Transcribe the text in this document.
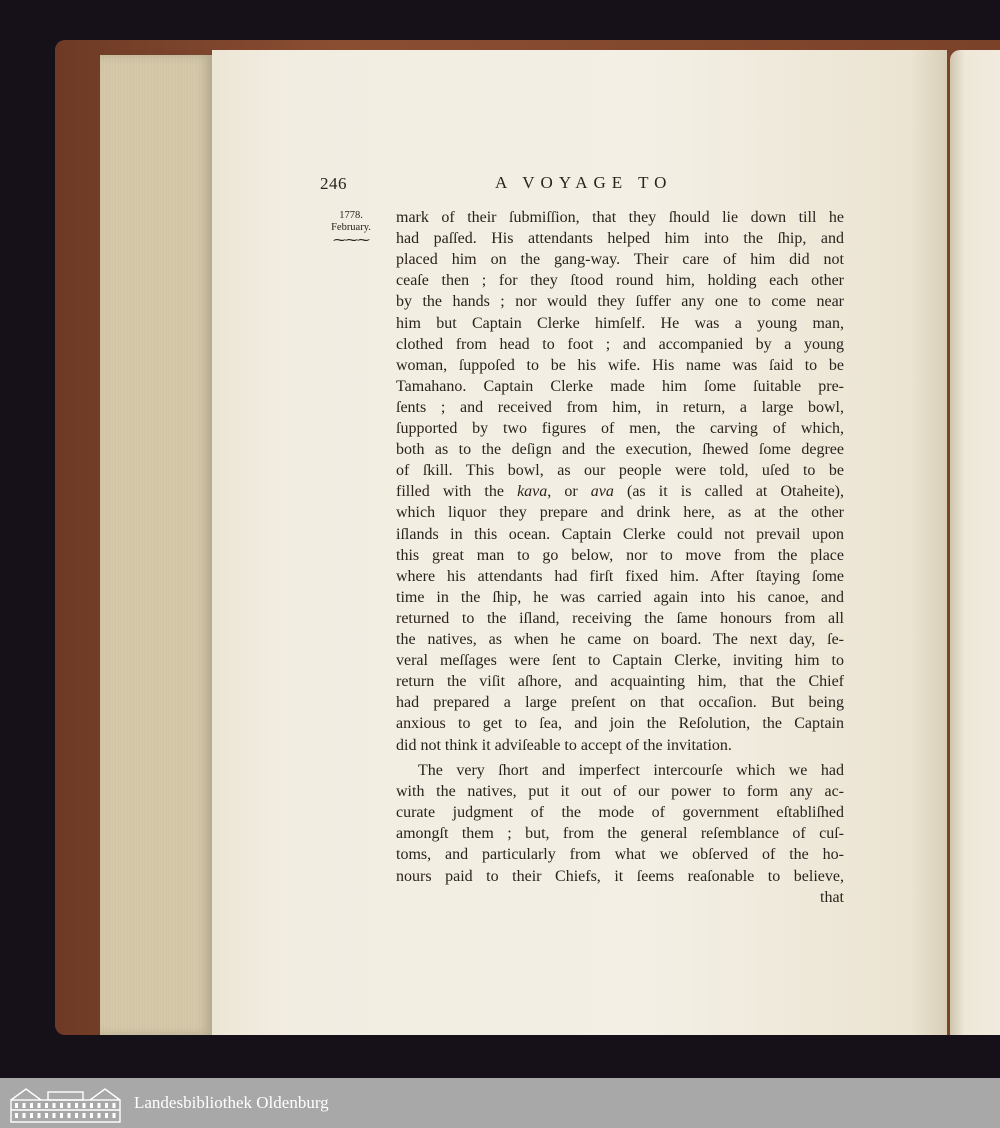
246	A VOYAGE TO
1778.
February.
⁓⁓⁓
mark of their ſubmiſſion, that they ſhould lie down till he
had paſſed. His attendants helped him into the ſhip, and
placed him on the gang-way. Their care of him did not
ceaſe then ; for they ſtood round him, holding each other
by the hands ; nor would they ſuffer any one to come near
him but Captain Clerke himſelf. He was a young man,
clothed from head to foot ; and accompanied by a young
woman, ſuppoſed to be his wife. His name was ſaid to be
Tamahano. Captain Clerke made him ſome ſuitable pre-
ſents ; and received from him, in return, a large bowl,
ſupported by two figures of men, the carving of which,
both as to the deſign and the execution, ſhewed ſome degree
of ſkill. This bowl, as our people were told, uſed to be
filled with the kava, or ava (as it is called at Otaheite),
which liquor they prepare and drink here, as at the other
iſlands in this ocean. Captain Clerke could not prevail upon
this great man to go below, nor to move from the place
where his attendants had firſt fixed him. After ſtaying ſome
time in the ſhip, he was carried again into his canoe, and
returned to the iſland, receiving the ſame honours from all
the natives, as when he came on board. The next day, ſe-
veral meſſages were ſent to Captain Clerke, inviting him to
return the viſit aſhore, and acquainting him, that the Chief
had prepared a large preſent on that occaſion. But being
anxious to get to ſea, and join the Reſolution, the Captain
did not think it adviſeable to accept of the invitation.
The very ſhort and imperfect intercourſe which we had
with the natives, put it out of our power to form any ac-
curate judgment of the mode of government eſtabliſhed
amongſt them ; but, from the general reſemblance of cuſ-
toms, and particularly from what we obſerved of the ho-
nours paid to their Chiefs, it ſeems reaſonable to believe,
that
Landesbibliothek Oldenburg
